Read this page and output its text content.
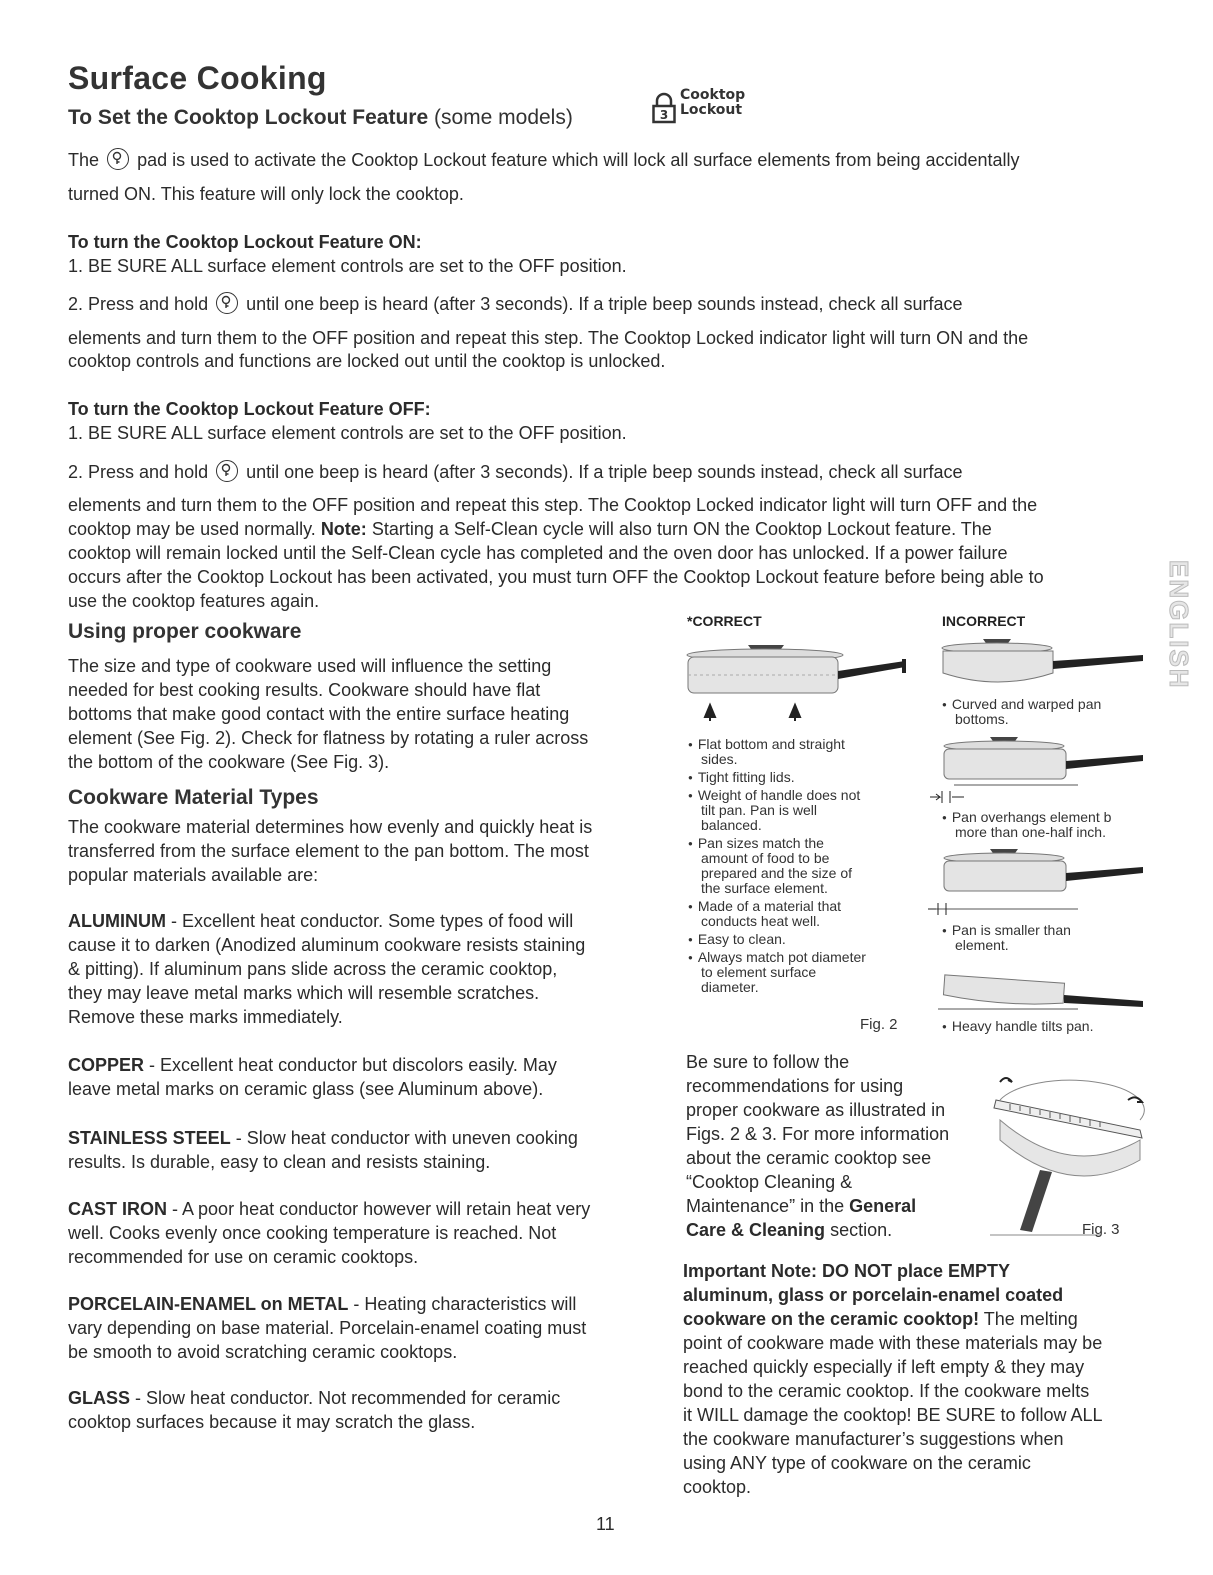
Surface Cooking
To Set the Cooktop Lockout Feature (some models)	3
Cooktop
Lockout
The pad is used to activate the Cooktop Lockout feature which will lock all surface elements from being accidentally
turned ON. This feature will only lock the cooktop.
To turn the Cooktop Lockout Feature ON:
1. BE SURE ALL surface element controls are set to the OFF position.
2. Press and hold until one beep is heard (after 3 seconds). If a triple beep sounds instead, check all surface
elements and turn them to the OFF position and repeat this step. The Cooktop Locked indicator light will turn ON and the
cooktop controls and functions are locked out until the cooktop is unlocked.
To turn the Cooktop Lockout Feature OFF:
1. BE SURE ALL surface element controls are set to the OFF position.
2. Press and hold until one beep is heard (after 3 seconds). If a triple beep sounds instead, check all surface
elements and turn them to the OFF position and repeat this step. The Cooktop Locked indicator light will turn OFF and the
cooktop may be used normally. Note: Starting a Self-Clean cycle will also turn ON the Cooktop Lockout feature. The
cooktop will remain locked until the Self-Clean cycle has completed and the oven door has unlocked. If a power failure
occurs after the Cooktop Lockout has been activated, you must turn OFF the Cooktop Lockout feature before being able to
use the cooktop features again.
Using proper cookware
The size and type of cookware used will influence the setting
needed for best cooking results. Cookware should have flat
bottoms that make good contact with the entire surface heating
element (See Fig. 2). Check for flatness by rotating a ruler across
the bottom of the cookware (See Fig. 3).
Cookware Material Types
The cookware material determines how evenly and quickly heat is
transferred from the surface element to the pan bottom. The most
popular materials available are:
ALUMINUM - Excellent heat conductor. Some types of food will
cause it to darken (Anodized aluminum cookware resists staining
& pitting). If aluminum pans slide across the ceramic cooktop,
they may leave metal marks which will resemble scratches.
Remove these marks immediately.
COPPER - Excellent heat conductor but discolors easily. May
leave metal marks on ceramic glass (see Aluminum above).
STAINLESS STEEL - Slow heat conductor with uneven cooking
results. Is durable, easy to clean and resists staining.
CAST IRON - A poor heat conductor however will retain heat very
well. Cooks evenly once cooking temperature is reached. Not
recommended for use on ceramic cooktops.
PORCELAIN-ENAMEL on METAL - Heating characteristics will
vary depending on base material. Porcelain-enamel coating must
be smooth to avoid scratching ceramic cooktops.
GLASS - Slow heat conductor. Not recommended for ceramic
cooktop surfaces because it may scratch the glass.
*CORRECT	INCORRECT
● Flat bottom and straight
sides.
● Tight fitting lids.
● Weight of handle does not
tilt pan. Pan is well
balanced.
● Pan sizes match the
amount of food to be
prepared and the size of
the surface element.
● Made of a material that
conducts heat well.
● Easy to clean.
● Always match pot diameter
to element surface
diameter.
Fig. 2
● Curved and warped pan
bottoms.
● Pan overhangs element b
more than one-half inch.
● Pan is smaller than
element.
● Heavy handle tilts pan.
Be sure to follow the
recommendations for using
proper cookware as illustrated in
Figs. 2 & 3. For more information
about the ceramic cooktop see
“Cooktop Cleaning &
Maintenance” in the General
Care & Cleaning section.	Fig. 3
Important Note: DO NOT place EMPTY
aluminum, glass or porcelain-enamel coated
cookware on the ceramic cooktop! The melting
point of cookware made with these materials may be
reached quickly especially if left empty & they may
bond to the ceramic cooktop. If the cookware melts
it WILL damage the cooktop! BE SURE to follow ALL
the cookware manufacturer’s suggestions when
using ANY type of cookware on the ceramic
cooktop.
ENGLISH
11
